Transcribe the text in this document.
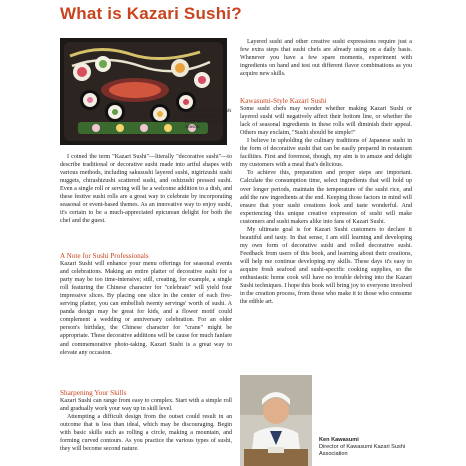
What is Kazari Sushi?
A moribomi mixed sushi arrangement that celebrates the spring season.

I coined the term "Kazari Sushi"—literally "decorative sushi"—to describe traditional or decorative sushi made into artful shapes with various methods, including sakusushi layered sushi, nigirizushi sushi nuggets, chirashizushi scattered sushi, and oshizushi pressed sushi. Even a single roll or serving will be a welcome addition to a dish, and these festive sushi rolls are a great way to celebrate by incorporating seasonal or event-based themes. As an innovative way to enjoy sushi, it's certain to be a much-appreciated epicurean delight for both the chef and the guest.

A Note for Sushi Professionals

Kazari Sushi will enhance your menu offerings for seasonal events and celebrations. Making an entire platter of decorative sushi for a party may be too time-intensive; still, creating, for example, a single roll featuring the Chinese character for "celebrate" will yield four impressive slices. By placing one slice in the center of each five-serving platter, you can embellish twenty servings' worth of sushi. A panda design may be great for kids, and a flower motif could complement a wedding or anniversary celebration. For an older person's birthday, the Chinese character for "crane" might be appropriate. These decorative additions will be cause for much fanfare and commemorative photo-taking. Kazari Sushi is a great way to elevate any occasion.

Sharpening Your Skills

Kazari Sushi can range from easy to complex. Start with a simple roll and gradually work your way up in skill level.

Attempting a difficult design from the outset could result in an outcome that is less than ideal, which may be discouraging. Begin with basic skills such as rolling a circle, making a mountain, and forming curved contours. As you practice the various types of sushi, they will become second nature.

Layered sushi and other creative sushi expressions require just a few extra steps that sushi chefs are already using on a daily basis. Whenever you have a few spare moments, experiment with ingredients on hand and test out different flavor combinations as you acquire new skills.

Kawasumi-Style Kazari Sushi

Some sushi chefs may wonder whether making Kazari Sushi or layered sushi will negatively affect their bottom line, or whether the lack of seasonal ingredients in these rolls will diminish their appeal. Others may exclaim, "Sushi should be simple!"

I believe in upholding the culinary traditions of Japanese sushi in the form of decorative sushi that can be easily prepared in restaurant facilities. First and foremost, though, my aim is to amaze and delight my customers with a meal that's delicious.

To achieve this, preparation and proper steps are important. Calculate the consumption time, select ingredients that will hold up over longer periods, maintain the temperature of the sushi rice, and add the raw ingredients at the end. Keeping those factors in mind will ensure that your sushi creations look and taste wonderful. And experiencing this unique creative expression of sushi will make customers and sushi makers alike into fans of Kazari Sushi.

My ultimate goal is for Kazari Sushi customers to declare it beautiful and tasty. In that sense, I am still learning and developing my own form of decorative sushi and rolled decorative sushi. Feedback from users of this book, and learning about their creations, will help me continue developing my skills. These days it's easy to acquire fresh seafood and sushi-specific cooking supplies, so the enthusiastic home cook will have no trouble delving into the Kazari Sushi techniques. I hope this book will bring joy to everyone involved in the creation process, from those who make it to those who consume the edible art.

Ken Kawasumi
Director of Kawasumi Kazari Sushi Association
